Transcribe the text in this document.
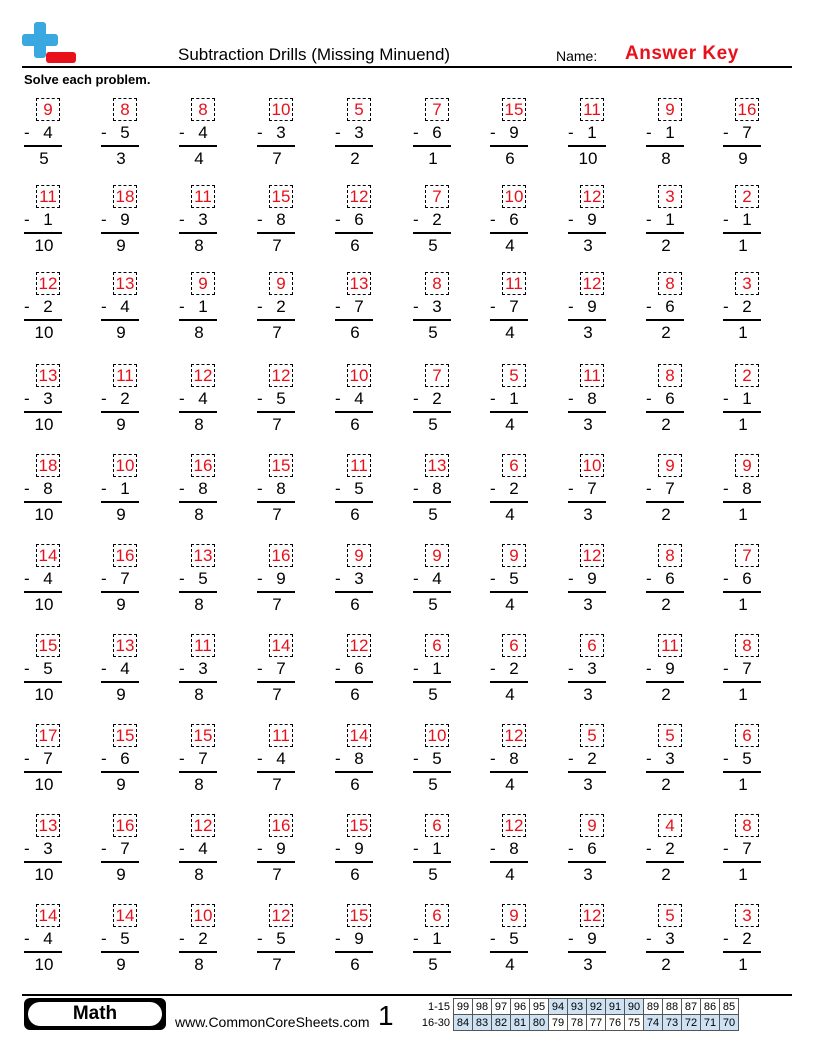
Subtraction Drills (Missing Minuend)	Name: Answer Key
Solve each problem.
9
- 4
5
8
- 5
3
8
- 4
4
10
- 3
7
5
- 3
2
7
- 6
1
15
- 9
6
11
- 1
10
9
- 1
8
16
- 7
9
11
- 1
10
18
- 9
9
11
- 3
8
15
- 8
7
12
- 6
6
7
- 2
5
10
- 6
4
12
- 9
3
3
- 1
2
2
- 1
1
12
- 2
10
13
- 4
9
9
- 1
8
9
- 2
7
13
- 7
6
8
- 3
5
11
- 7
4
12
- 9
3
8
- 6
2
3
- 2
1
13
- 3
10
11
- 2
9
12
- 4
8
12
- 5
7
10
- 4
6
7
- 2
5
5
- 1
4
11
- 8
3
8
- 6
2
2
- 1
1
18
- 8
10
10
- 1
9
16
- 8
8
15
- 8
7
11
- 5
6
13
- 8
5
6
- 2
4
10
- 7
3
9
- 7
2
9
- 8
1
14
- 4
10
16
- 7
9
13
- 5
8
16
- 9
7
9
- 3
6
9
- 4
5
9
- 5
4
12
- 9
3
8
- 6
2
7
- 6
1
15
- 5
10
13
- 4
9
11
- 3
8
14
- 7
7
12
- 6
6
6
- 1
5
6
- 2
4
6
- 3
3
11
- 9
2
8
- 7
1
17
- 7
10
15
- 6
9
15
- 7
8
11
- 4
7
14
- 8
6
10
- 5
5
12
- 8
4
5
- 2
3
5
- 3
2
6
- 5
1
13
- 3
10
16
- 7
9
12
- 4
8
16
- 9
7
15
- 9
6
6
- 1
5
12
- 8
4
9
- 6
3
4
- 2
2
8
- 7
1
14
- 4
10
14
- 5
9
10
- 2
8
12
- 5
7
15
- 9
6
6
- 1
5
9
- 5
4
12
- 9
3
5
- 3
2
3
- 2
1
Math	www.CommonCoreSheets.com 1	1-15	99	98	97	96	95	94	93	92	91	90	89	88	87	86	85
16-30	84	83	82	81	80	79	78	77	76	75	74	73	72	71	70
